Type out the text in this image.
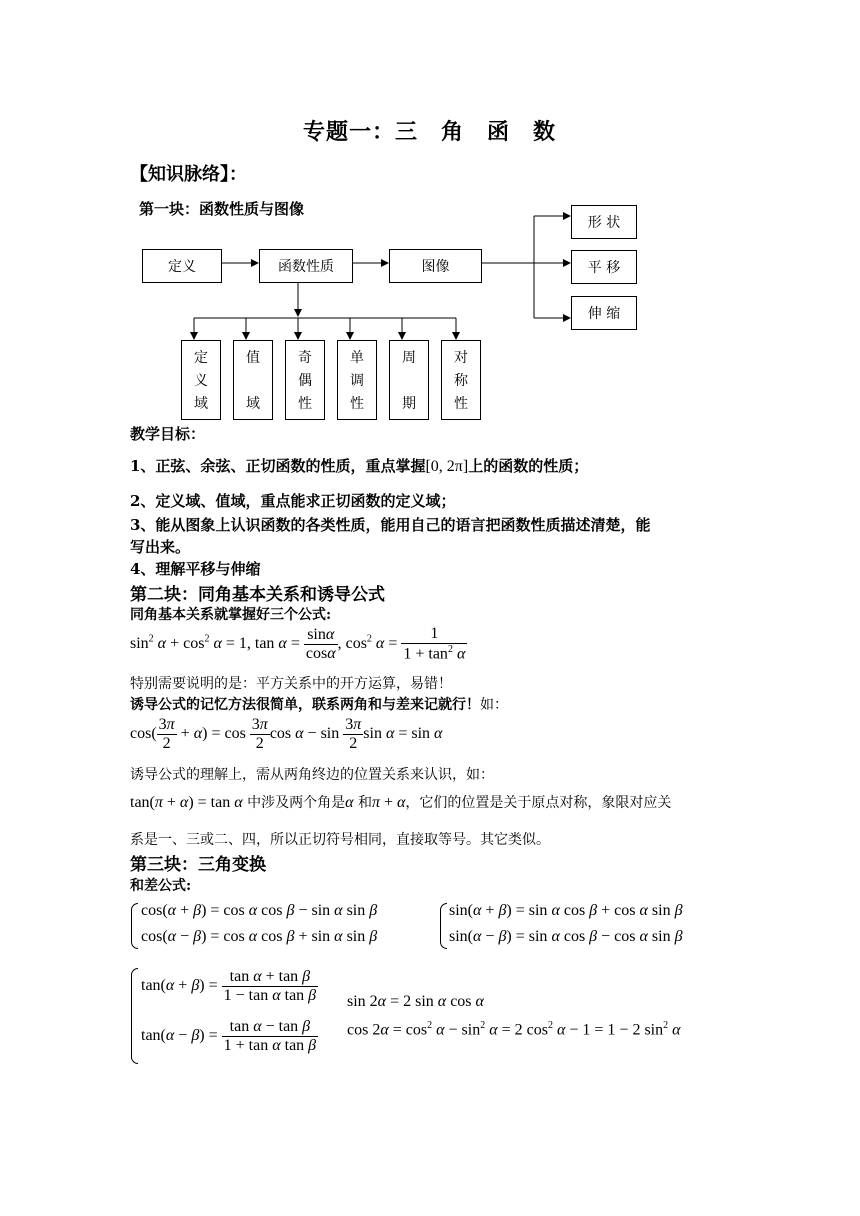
专题一：三　角　函　数
【知识脉络】：
第一块：函数性质与图像
定义	函数性质	图像
形 状
平 移
伸 缩
定
义
域
值
域
奇
偶
性
单
调
性
周
期
对
称
性
教学目标：
1、正弦、余弦、正切函数的性质，重点掌握[0, 2π]上的函数的性质；
2、定义域、值域，重点能求正切函数的定义域；
3、能从图象上认识函数的各类性质，能用自己的语言把函数性质描述清楚，能
写出来。
4、理解平移与伸缩
第二块：同角基本关系和诱导公式
同角基本关系就掌握好三个公式:
$\sin^2 \alpha + \cos^2 \alpha = 1$, $\tan \alpha = \frac{\sin\alpha}{\cos\alpha}$ , $\cos^2 \alpha = \frac{1}{1 + \tan^2 \alpha}$
特别需要说明的是：平方关系中的开方运算，易错！
诱导公式的记忆方法很简单，联系两角和与差来记就行！如：
$\cos( \frac{3\pi}{2} + \alpha) = \cos \frac{3\pi}{2}$ $\cos \alpha - \sin \frac{3\pi}{2}$ sin α = sin α
诱导公式的理解上，需从两角终边的位置关系来认识，如：
tan(π + α) = tan α 中涉及两个角是α 和π + α，它们的位置是关于原点对称，象限对应关
系是一、三或二、四，所以正切符号相同，直接取等号。其它类似。
第三块：三角变换
和差公式:
cos(α + β) = cos α cos β − sin α sin β
cos(α − β) = cos α cos β + sin α sin β
sin(α + β) = sin α cos β + cos α sin β
sin(α − β) = sin α cos β − cos α sin β
$\tan(\alpha + \beta) = \frac{\text{tan α + tan β}}{\text{1 − tan α tan β}}$
$\tan(\alpha - \beta) = \frac{\text{tan α − tan β}}{\text{1 + tan α tan β}}$
sin 2α = 2 sin α cos α
$\cos 2\alpha = \cos^2 \alpha - \sin^2 \alpha = 2$ $\cos^2 \alpha - 1 = 1 - 2$ $\sin^2 \alpha$
